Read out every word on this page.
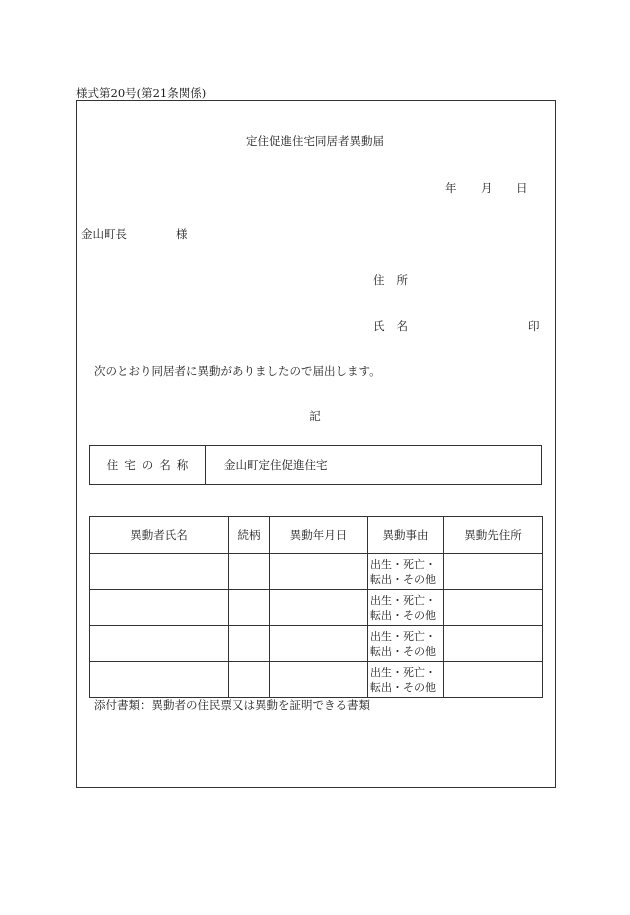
様式第20号(第21条関係)
定住促進住宅同居者異動届
年 月 日
金山町長	様
住所
氏名	印
次のとおり同居者に異動がありましたので届出します。
記
住宅の名称	金山町定住促進住宅
異動者氏名	続柄	異動年月日	異動事由	異動先住所
			出生・死亡・
転出・その他	
			出生・死亡・
転出・その他	
			出生・死亡・
転出・その他	
			出生・死亡・
転出・その他	
添付書類：異動者の住民票又は異動を証明できる書類
